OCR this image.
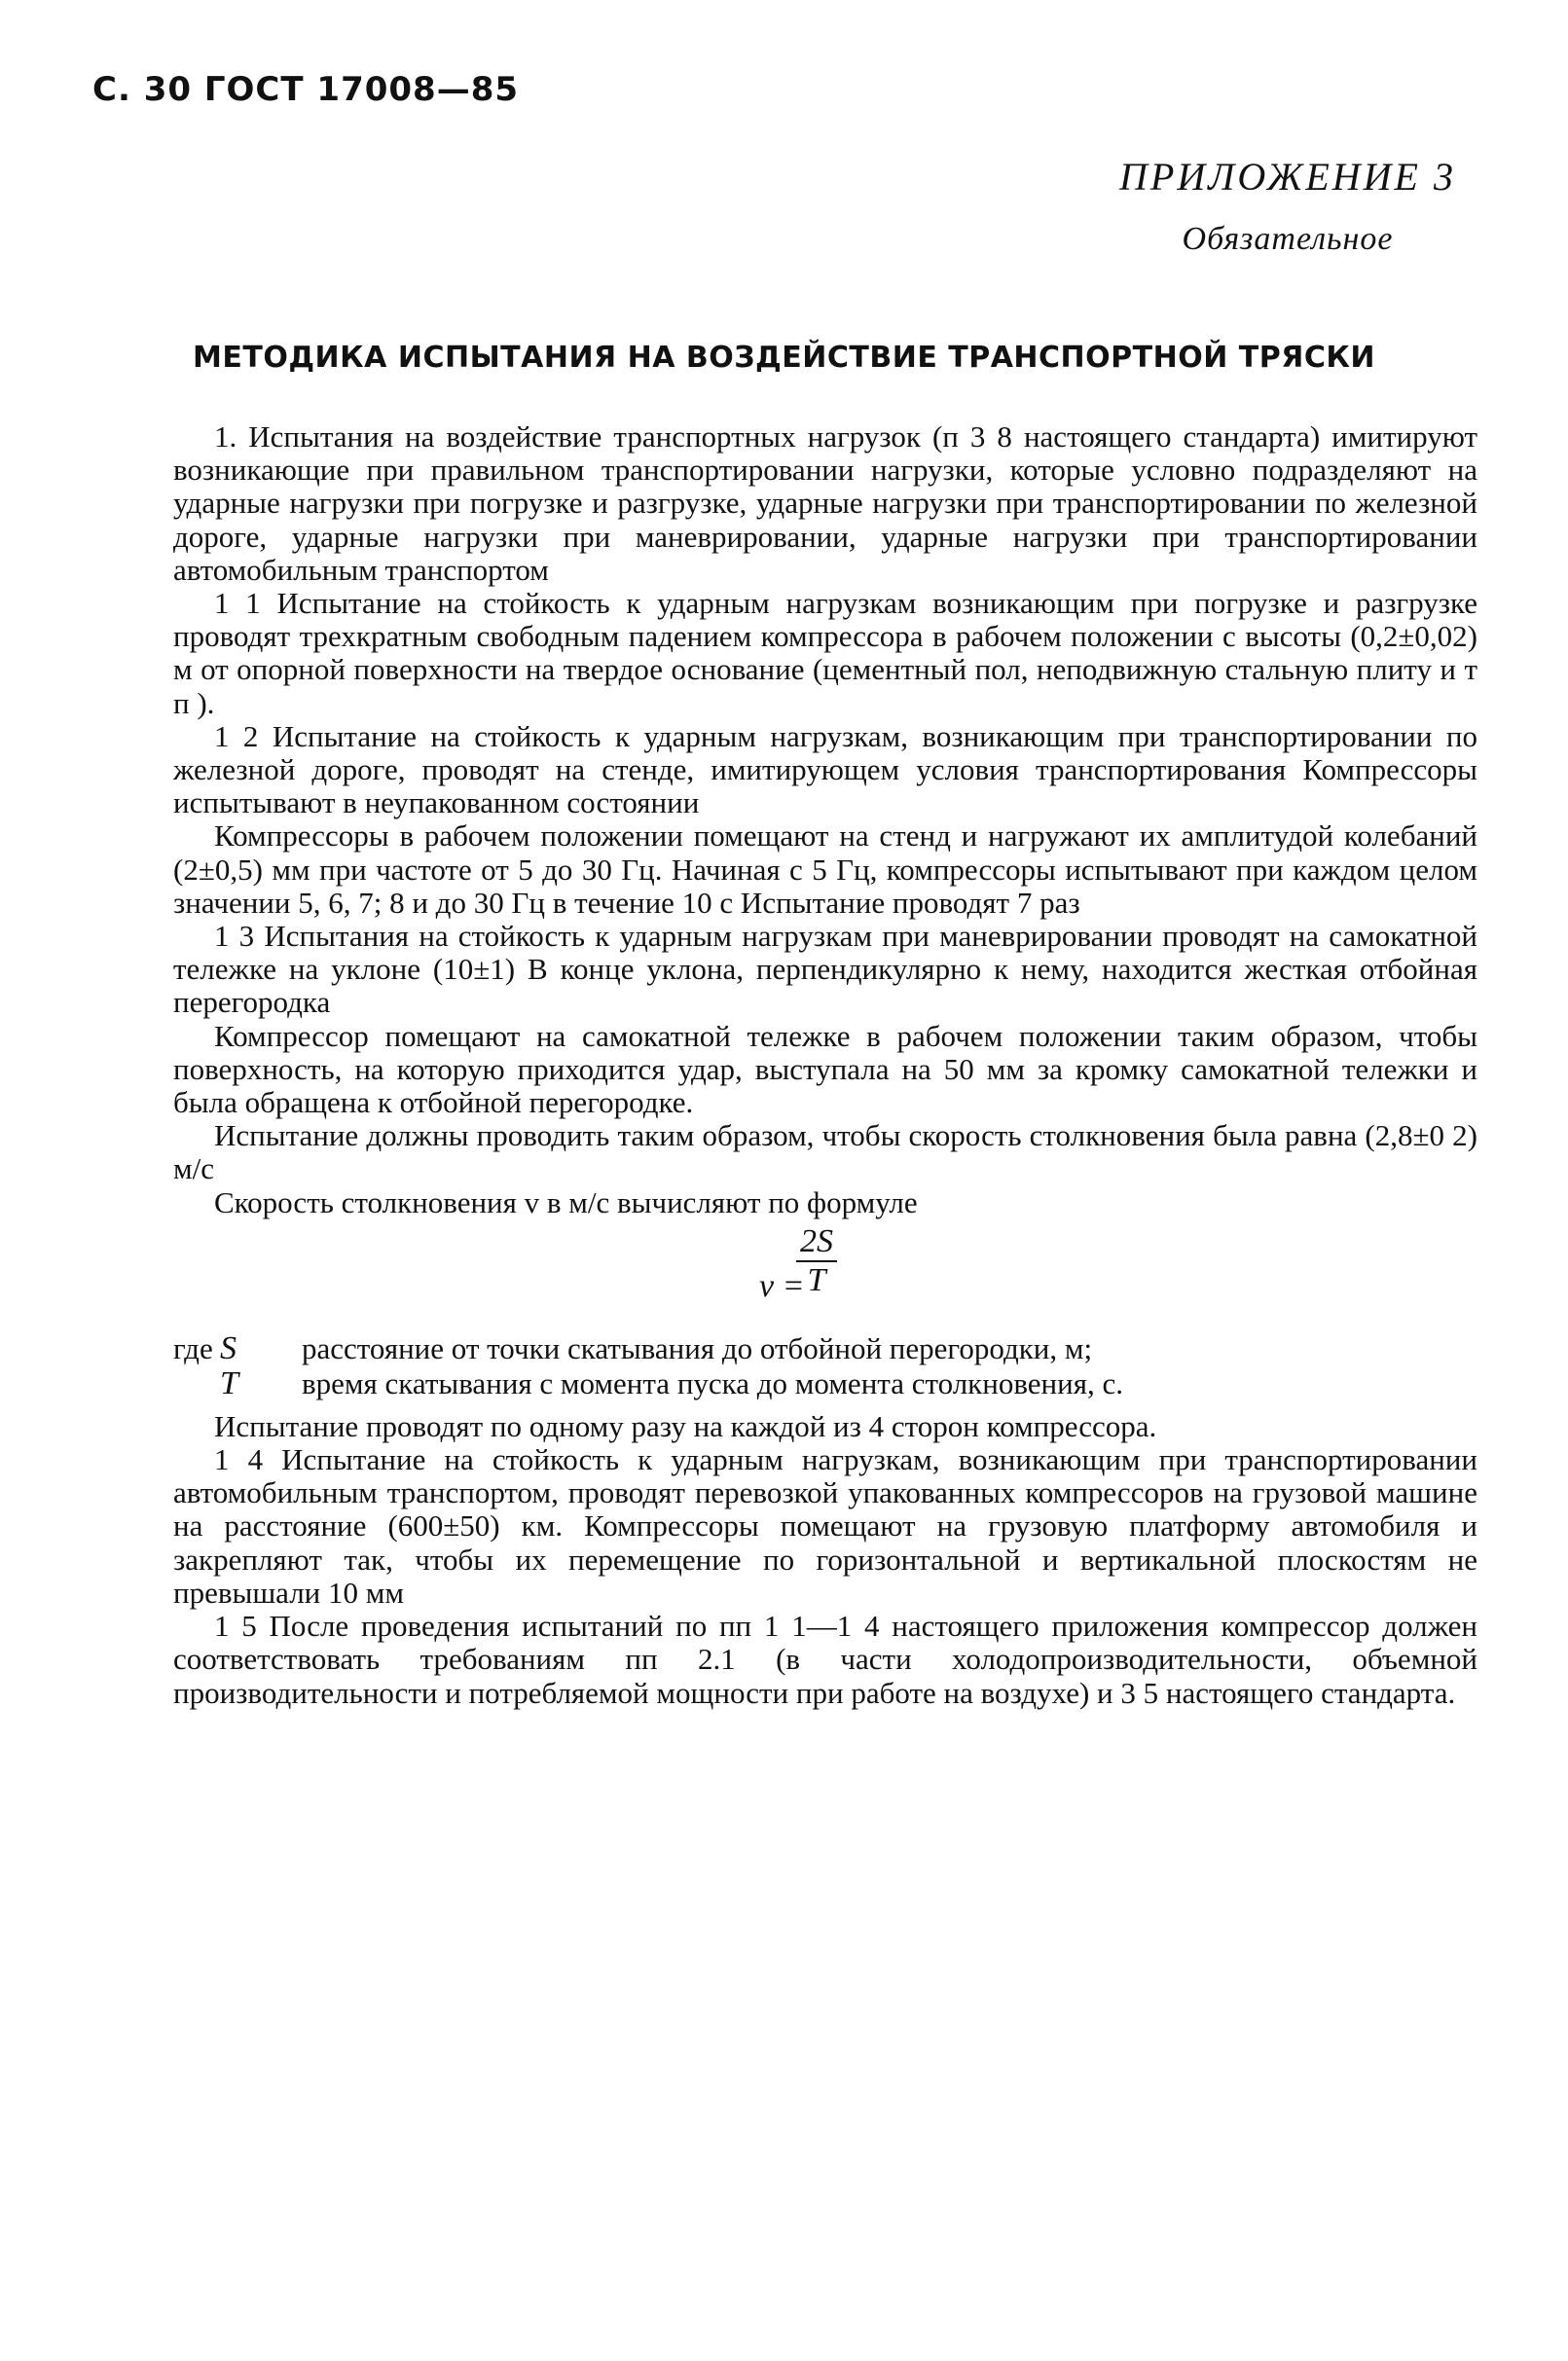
С. 30 ГОСТ 17008—85
ПРИЛОЖЕНИЕ 3
Обязательное
МЕТОДИКА ИСПЫТАНИЯ НА ВОЗДЕЙСТВИЕ ТРАНСПОРТНОЙ ТРЯСКИ

1. Испытания на воздействие транспортных нагрузок (п 3 8 настоящего стандарта) имитируют возникающие при правильном транспортировании нагрузки, которые условно подразделяют на ударные нагрузки при погрузке и разгрузке, ударные нагрузки при транспортировании по железной дороге, ударные нагрузки при маневрировании, ударные нагрузки при транспортировании автомобильным транспортом

1 1 Испытание на стойкость к ударным нагрузкам возникающим при погрузке и разгрузке проводят трехкратным свободным падением компрессора в рабочем положении с высоты (0,2±0,02) м от опорной поверхности на твердое основание (цементный пол, неподвижную стальную плиту и т п ).

1 2 Испытание на стойкость к ударным нагрузкам, возникающим при транспортировании по железной дороге, проводят на стенде, имитирующем условия транспортирования Компрессоры испытывают в неупакованном состоянии

Компрессоры в рабочем положении помещают на стенд и нагружают их амплитудой колебаний (2±0,5) мм при частоте от 5 до 30 Гц. Начиная с 5 Гц, компрессоры испытывают при каждом целом значении 5, 6, 7; 8 и до 30 Гц в течение 10 с Испытание проводят 7 раз

1 3 Испытания на стойкость к ударным нагрузкам при маневрировании проводят на самокатной тележке на уклоне (10±1) В конце уклона, перпендикулярно к нему, находится жесткая отбойная перегородка

Компрессор помещают на самокатной тележке в рабочем положении таким образом, чтобы поверхность, на которую приходится удар, выступала на 50 мм за кромку самокатной тележки и была обращена к отбойной перегородке.

Испытание должны проводить таким образом, чтобы скорость столкновения была равна (2,8±0 2) м/с

Скорость столкновения v в м/с вычисляют по формуле

v =
2S
T
где S расстояние от точки скатывания до отбойной перегородки, м;
T время скатывания с момента пуска до момента столкновения, с.

Испытание проводят по одному разу на каждой из 4 сторон компрессора.

1 4 Испытание на стойкость к ударным нагрузкам, возникающим при транспортировании автомобильным транспортом, проводят перевозкой упакованных компрессоров на грузовой машине на расстояние (600±50) км. Компрессоры помещают на грузовую платформу автомобиля и закрепляют так, чтобы их перемещение по горизонтальной и вертикальной плоскостям не превышали 10 мм

1 5 После проведения испытаний по пп 1 1—1 4 настоящего приложения компрессор должен соответствовать требованиям пп 2.1 (в части холодопроизводительности, объемной производительности и потребляемой мощности при работе на воздухе) и 3 5 настоящего стандарта.
